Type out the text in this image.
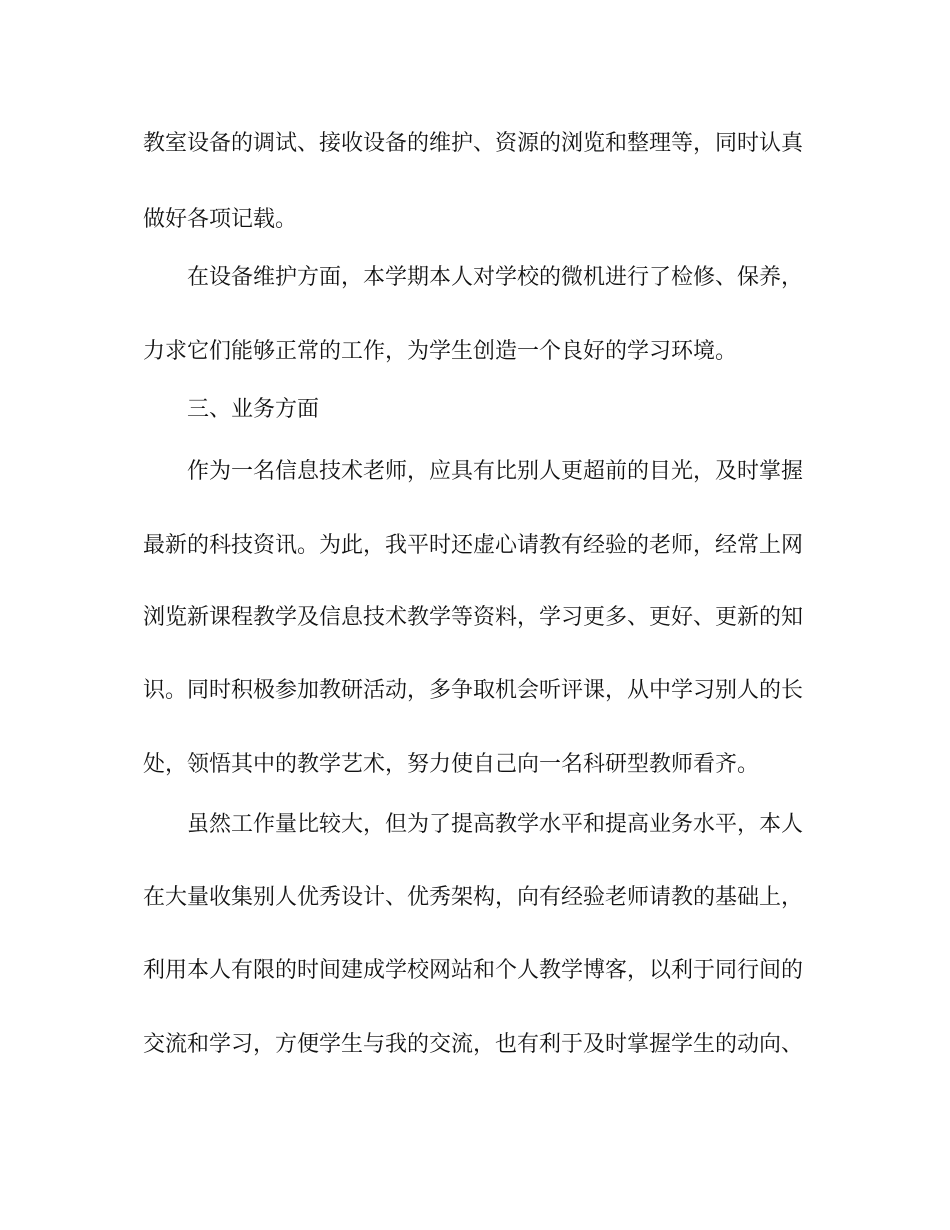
教室设备的调试、接收设备的维护、资源的浏览和整理等，同时认真
做好各项记载。
在设备维护方面，本学期本人对学校的微机进行了检修、保养，
力求它们能够正常的工作，为学生创造一个良好的学习环境。
三、业务方面
作为一名信息技术老师，应具有比别人更超前的目光，及时掌握
最新的科技资讯。为此，我平时还虚心请教有经验的老师，经常上网
浏览新课程教学及信息技术教学等资料，学习更多、更好、更新的知
识。同时积极参加教研活动，多争取机会听评课，从中学习别人的长
处，领悟其中的教学艺术，努力使自己向一名科研型教师看齐。
虽然工作量比较大，但为了提高教学水平和提高业务水平，本人
在大量收集别人优秀设计、优秀架构，向有经验老师请教的基础上，
利用本人有限的时间建成学校网站和个人教学博客，以利于同行间的
交流和学习，方便学生与我的交流，也有利于及时掌握学生的动向、
